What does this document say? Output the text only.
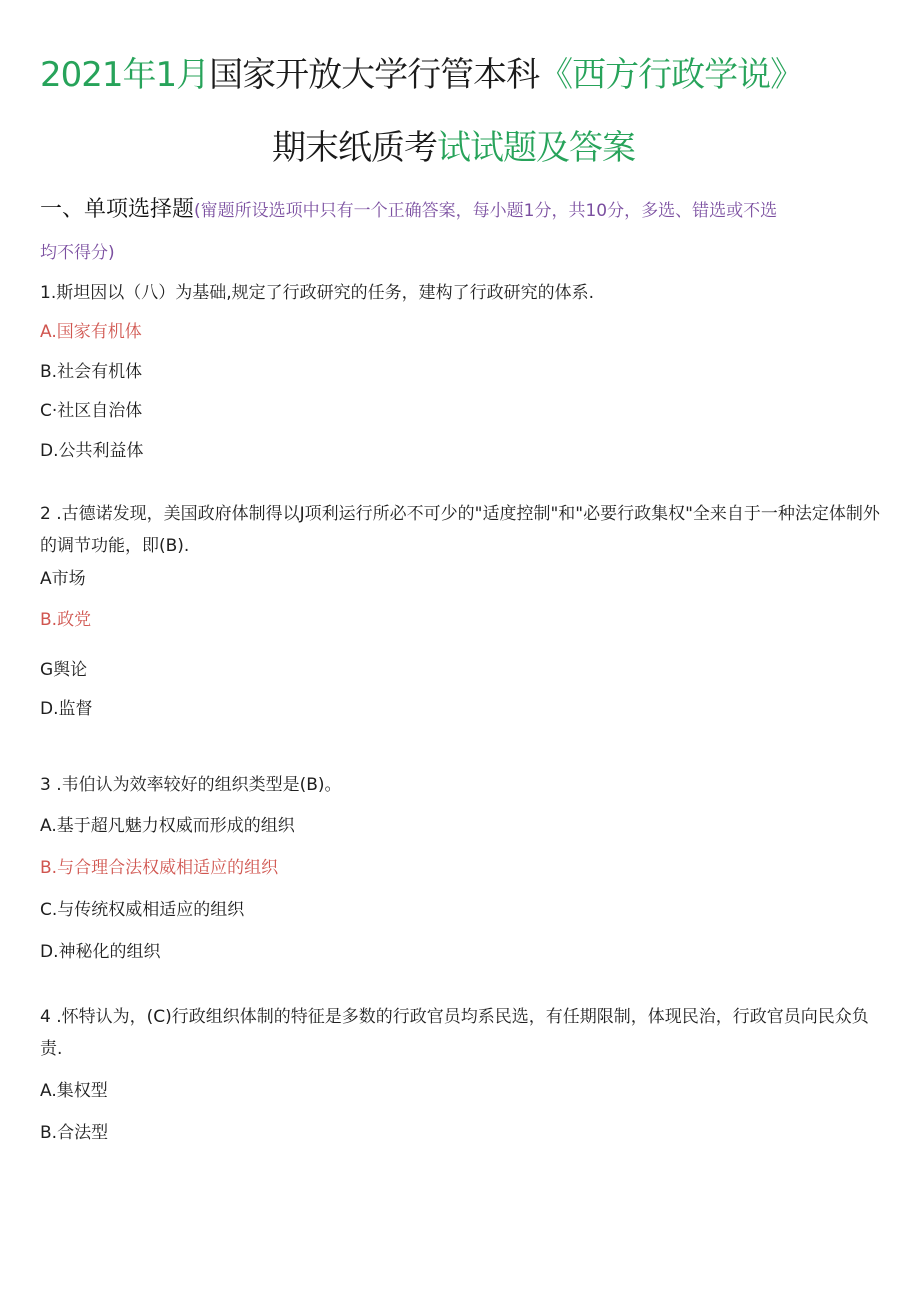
2021年1月国家开放大学行管本科《西方行政学说》
期末纸质考试试题及答案
一、单项选择题(甯题所设选项中只有一个正确答案，每小题1分，共10分，多选、错选或不选
均不得分)
1.斯坦因以（八）为基础,规定了行政研究的任务，建构了行政研究的体系.
A.国家有机体
B.社会有机体
C·社区自治体
D.公共利益体
2 .古德诺发现，美国政府体制得以J项利运行所必不可少的"适度控制"和"必要行政集权"全来自于一种法定体制外的调节功能，即(B).
A市场
B.政党
G舆论
D.监督
3 .韦伯认为效率较好的组织类型是(B)。
A.基于超凡魅力权威而形成的组织
B.与合理合法权威相适应的组织
C.与传统权威相适应的组织
D.神秘化的组织
4 .怀特认为，(C)行政组织体制的特征是多数的行政官员均系民选，有任期限制，体现民治，行政官员向民众负责.
A.集权型
B.合法型
